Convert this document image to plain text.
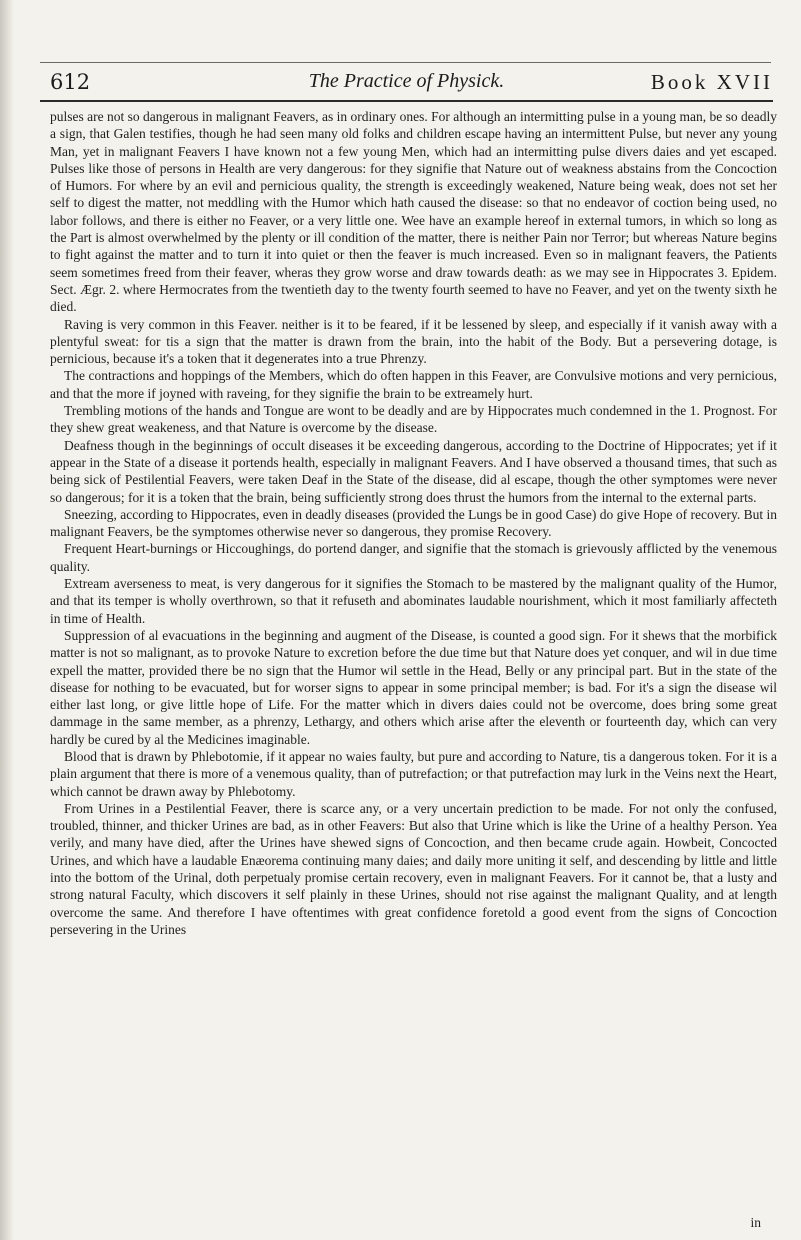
612	The Practice of Physick.	Book XVII

pulses are not so dangerous in malignant Feavers, as in ordinary ones. For although an intermitting pulse in a young man, be so deadly a sign, that Galen testifies, though he had seen many old folks and children escape having an intermittent Pulse, but never any young Man, yet in malignant Feavers I have known not a few young Men, which had an intermitting pulse divers daies and yet escaped. Pulses like those of persons in Health are very dangerous: for they signifie that Nature out of weakness abstains from the Concoction of Humors. For where by an evil and pernicious quality, the strength is exceedingly weakened, Nature being weak, does not set her self to digest the matter, not meddling with the Humor which hath caused the disease: so that no endeavor of coction being used, no labor follows, and there is either no Feaver, or a very little one. Wee have an example hereof in external tumors, in which so long as the Part is almost overwhelmed by the plenty or ill condition of the matter, there is neither Pain nor Terror; but whereas Nature begins to fight against the matter and to turn it into quiet or then the feaver is much increased. Even so in malignant feavers, the Patients seem sometimes freed from their feaver, wheras they grow worse and draw towards death: as we may see in Hippocrates 3. Epidem. Sect. Ægr. 2. where Hermocrates from the twentieth day to the twenty fourth seemed to have no Feaver, and yet on the twenty sixth he died.

Raving is very common in this Feaver. neither is it to be feared, if it be lessened by sleep, and especially if it vanish away with a plentyful sweat: for tis a sign that the matter is drawn from the brain, into the habit of the Body. But a persevering dotage, is pernicious, because it's a token that it degenerates into a true Phrenzy.

The contractions and hoppings of the Members, which do often happen in this Feaver, are Convulsive motions and very pernicious, and that the more if joyned with raveing, for they signifie the brain to be extreamely hurt.

Trembling motions of the hands and Tongue are wont to be deadly and are by Hippocrates much condemned in the 1. Prognost. For they shew great weakeness, and that Nature is overcome by the disease.

Deafness though in the beginnings of occult diseases it be exceeding dangerous, according to the Doctrine of Hippocrates; yet if it appear in the State of a disease it portends health, especially in malignant Feavers. And I have observed a thousand times, that such as being sick of Pestilential Feavers, were taken Deaf in the State of the disease, did al escape, though the other symptomes were never so dangerous; for it is a token that the brain, being sufficiently strong does thrust the humors from the internal to the external parts.

Sneezing, according to Hippocrates, even in deadly diseases (provided the Lungs be in good Case) do give Hope of recovery. But in malignant Feavers, be the symptomes otherwise never so dangerous, they promise Recovery.

Frequent Heart-burnings or Hiccoughings, do portend danger, and signifie that the stomach is grievously afflicted by the venemous quality.

Extream averseness to meat, is very dangerous for it signifies the Stomach to be mastered by the malignant quality of the Humor, and that its temper is wholly overthrown, so that it refuseth and abominates laudable nourishment, which it most familiarly affecteth in time of Health.

Suppression of al evacuations in the beginning and augment of the Disease, is counted a good sign. For it shews that the morbifick matter is not so malignant, as to provoke Nature to excretion before the due time but that Nature does yet conquer, and wil in due time expell the matter, provided there be no sign that the Humor wil settle in the Head, Belly or any principal part. But in the state of the disease for nothing to be evacuated, but for worser signs to appear in some principal member; is bad. For it's a sign the disease wil either last long, or give little hope of Life. For the matter which in divers daies could not be overcome, does bring some great dammage in the same member, as a phrenzy, Lethargy, and others which arise after the eleventh or fourteenth day, which can very hardly be cured by al the Medicines imaginable.

Blood that is drawn by Phlebotomie, if it appear no waies faulty, but pure and according to Nature, tis a dangerous token. For it is a plain argument that there is more of a venemous quality, than of putrefaction; or that putrefaction may lurk in the Veins next the Heart, which cannot be drawn away by Phlebotomy.

From Urines in a Pestilential Feaver, there is scarce any, or a very uncertain prediction to be made. For not only the confused, troubled, thinner, and thicker Urines are bad, as in other Feavers: But also that Urine which is like the Urine of a healthy Person. Yea verily, and many have died, after the Urines have shewed signs of Concoction, and then became crude again. Howbeit, Concocted Urines, and which have a laudable Enæorema continuing many daies; and daily more uniting it self, and descending by little and little into the bottom of the Urinal, doth perpetualy promise certain recovery, even in malignant Feavers. For it cannot be, that a lusty and strong natural Faculty, which discovers it self plainly in these Urines, should not rise against the malignant Quality, and at length overcome the same. And therefore I have oftentimes with great confidence foretold a good event from the signs of Concoction persevering in the Urines

in
